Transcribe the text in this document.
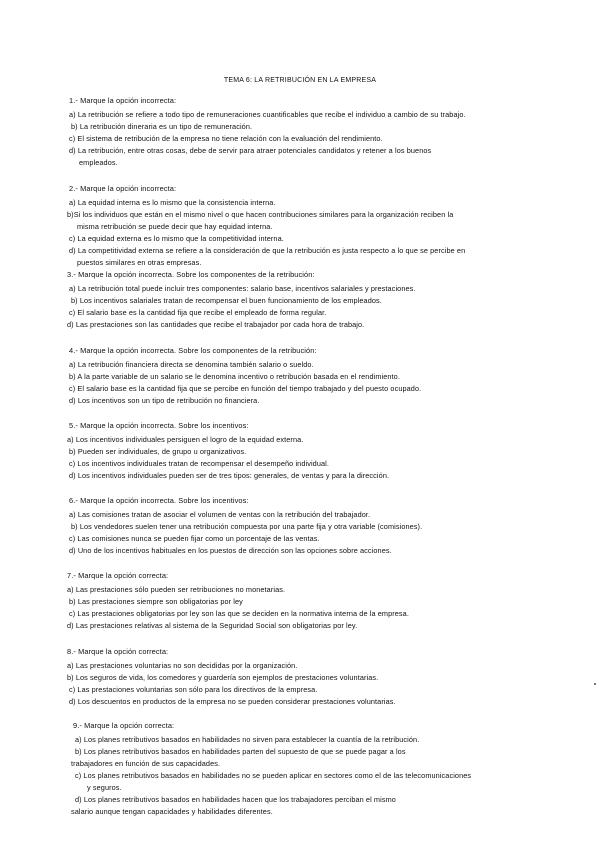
TEMA 6: LA RETRIBUCIÓN EN LA EMPRESA
1.- Marque la opción incorrecta:
a) La retribución se refiere a todo tipo de remuneraciones cuantificables que recibe el individuo a cambio de su trabajo.
b) La retribución dineraria es un tipo de remuneración.
c) El sistema de retribución de la empresa no tiene relación con la evaluación del rendimiento.
d) La retribución, entre otras cosas, debe de servir para atraer potenciales candidatos y retener a los buenos
empleados.
2.- Marque la opción incorrecta:
a) La equidad interna es lo mismo que la consistencia interna.
b)Si los individuos que están en el mismo nivel o que hacen contribuciones similares para la organización reciben la
misma retribución se puede decir que hay equidad interna.
c) La equidad externa es lo mismo que la competitividad interna.
d) La competitividad externa se refiere a la consideración de que la retribución es justa respecto a lo que se percibe en
puestos similares en otras empresas.
3.- Marque la opción incorrecta. Sobre los componentes de la retribución:
a) La retribución total puede incluir tres componentes: salario base, incentivos salariales y prestaciones.
b) Los incentivos salariales tratan de recompensar el buen funcionamiento de los empleados.
c) El salario base es la cantidad fija que recibe el empleado de forma regular.
d) Las prestaciones son las cantidades que recibe el trabajador por cada hora de trabajo.
4.- Marque la opción incorrecta. Sobre los componentes de la retribución:
a) La retribución financiera directa se denomina también salario o sueldo.
b) A la parte variable de un salario se le denomina incentivo o retribución basada en el rendimiento.
c) El salario base es la cantidad fija que se percibe en función del tiempo trabajado y del puesto ocupado.
d) Los incentivos son un tipo de retribución no financiera.
5.- Marque la opción incorrecta. Sobre los incentivos:
a) Los incentivos individuales persiguen el logro de la equidad externa.
b) Pueden ser individuales, de grupo u organizativos.
c) Los incentivos individuales tratan de recompensar el desempeño individual.
d) Los incentivos individuales pueden ser de tres tipos: generales, de ventas y para la dirección.
6.- Marque la opción incorrecta. Sobre los incentivos:
a) Las comisiones tratan de asociar el volumen de ventas con la retribución del trabajador.
b) Los vendedores suelen tener una retribución compuesta por una parte fija y otra variable (comisiones).
c) Las comisiones nunca se pueden fijar como un porcentaje de las ventas.
d) Uno de los incentivos habituales en los puestos de dirección son las opciones sobre acciones.
7.- Marque la opción correcta:
a) Las prestaciones sólo pueden ser retribuciones no monetarias.
b) Las prestaciones siempre son obligatorias por ley
c) Las prestaciones obligatorias por ley son las que se deciden en la normativa interna de la empresa.
d) Las prestaciones relativas al sistema de la Seguridad Social son obligatorias por ley.
8.- Marque la opción correcta:
a) Las prestaciones voluntarias no son decididas por la organización.
b) Los seguros de vida, los comedores y guardería son ejemplos de prestaciones voluntarias.
c) Las prestaciones voluntarias son sólo para los directivos de la empresa.
d) Los descuentos en productos de la empresa no se pueden considerar prestaciones voluntarias.
9.- Marque la opción correcta:
a) Los planes retributivos basados en habilidades no sirven para establecer la cuantía de la retribución.
b) Los planes retributivos basados en habilidades parten del supuesto de que se puede pagar a los
trabajadores en función de sus capacidades.
c) Los planes retributivos basados en habilidades no se pueden aplicar en sectores como el de las telecomunicaciones
y seguros.
d) Los planes retributivos basados en habilidades hacen que los trabajadores perciban el mismo
salario aunque tengan capacidades y habilidades diferentes.
